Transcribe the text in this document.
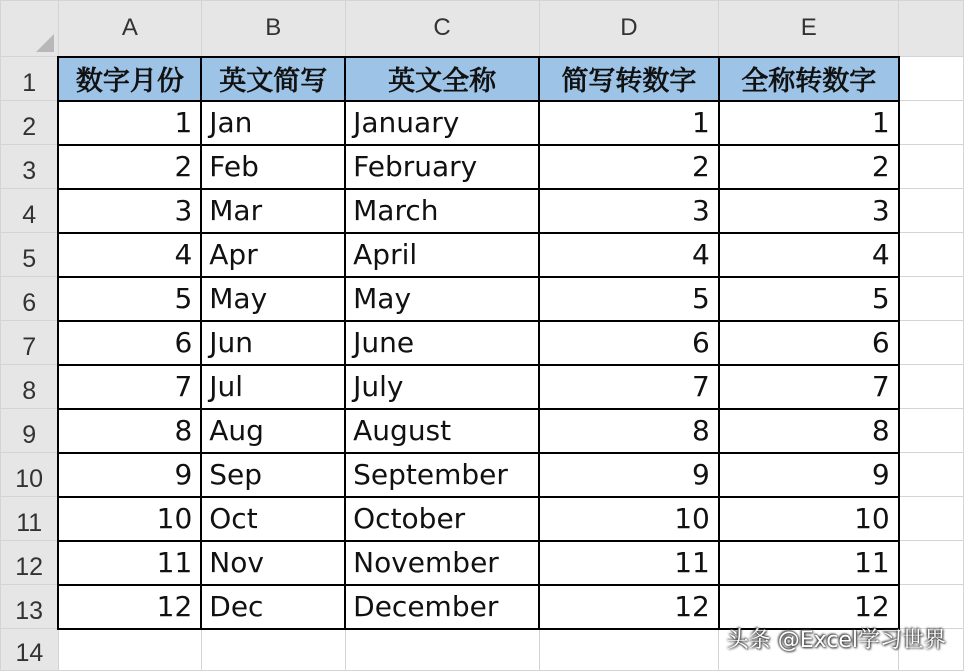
	A	B	C	D	E	
1	数字月份	英文简写	英文全称	简写转数字	全称转数字	
2	1	Jan	January	1	1	
3	2	Feb	February	2	2	
4	3	Mar	March	3	3	
5	4	Apr	April	4	4	
6	5	May	May	5	5	
7	6	Jun	June	6	6	
8	7	Jul	July	7	7	
9	8	Aug	August	8	8	
10	9	Sep	September	9	9	
11	10	Oct	October	10	10	
12	11	Nov	November	11	11	
13	12	Dec	December	12	12	
14							头条 @Excel学习世界
